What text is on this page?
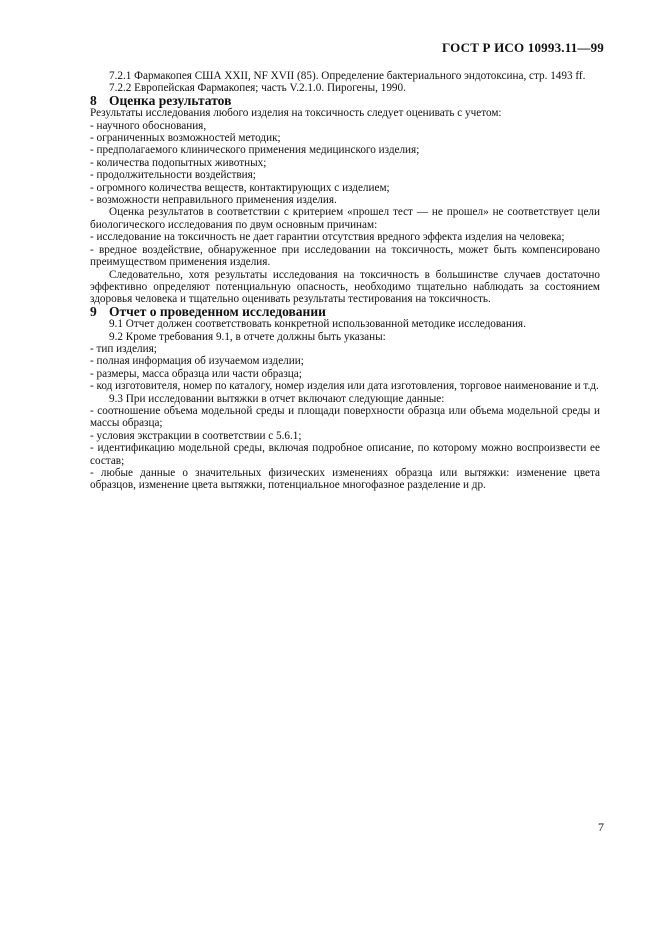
ГОСТ Р ИСО 10993.11—99

7.2.1 Фармакопея США XXII, NF XVII (85). Определение бактериального эндотоксина, стр. 1493 ff.

7.2.2 Европейская Фармакопея; часть V.2.1.0. Пирогены, 1990.

8 Оценка результатов

Результаты исследования любого изделия на токсичность следует оценивать с учетом:

- научного обоснования,

- ограниченных возможностей методик;

- предполагаемого клинического применения медицинского изделия;

- количества подопытных животных;

- продолжительности воздействия;

- огромного количества веществ, контактирующих с изделием;

- возможности неправильного применения изделия.

Оценка результатов в соответствии с критерием «прошел тест — не прошел» не соответствует цели биологического исследования по двум основным причинам:

- исследование на токсичность не дает гарантии отсутствия вредного эффекта изделия на человека;

- вредное воздействие, обнаруженное при исследовании на токсичность, может быть компенсировано преимуществом применения изделия.

Следовательно, хотя результаты исследования на токсичность в большинстве случаев достаточно эффективно определяют потенциальную опасность, необходимо тщательно наблюдать за состоянием здоровья человека и тщательно оценивать результаты тестирования на токсичность.

9 Отчет о проведенном исследовании

9.1 Отчет должен соответствовать конкретной использованной методике исследования.

9.2 Кроме требования 9.1, в отчете должны быть указаны:

- тип изделия;

- полная информация об изучаемом изделии;

- размеры, масса образца или части образца;

- код изготовителя, номер по каталогу, номер изделия или дата изготовления, торговое наименование и т.д.

9.3 При исследовании вытяжки в отчет включают следующие данные:

- соотношение объема модельной среды и площади поверхности образца или объема модельной среды и массы образца;

- условия экстракции в соответствии с 5.6.1;

- идентификацию модельной среды, включая подробное описание, по которому можно воспроизвести ее состав;

- любые данные о значительных физических изменениях образца или вытяжки: изменение цвета образцов, изменение цвета вытяжки, потенциальное многофазное разделение и др.

7
